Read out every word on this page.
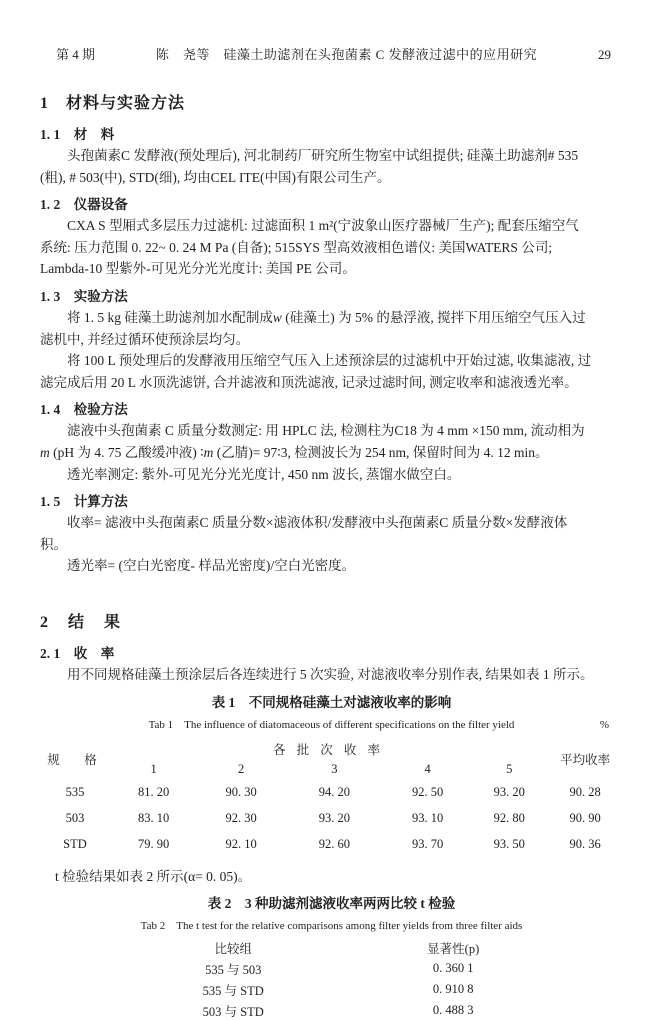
第 4 期	陈　尧等　硅藻土助滤剂在头孢菌素 C 发酵液过滤中的应用研究	29
1　材料与实验方法
1. 1　材　料
头孢菌素C 发酵液(预处理后), 河北制药厂研究所生物室中试组提供; 硅藻土助滤剂# 535
(粗), # 503(中), STD(细), 均由CEL ITE(中国)有限公司生产。
1. 2　仪器设备
CXA S 型厢式多层压力过滤机: 过滤面积 1 m²(宁波象山医疗器械厂生产); 配套压缩空气
系统: 压力范围 0. 22~ 0. 24 M Pa (自备); 515SYS 型高效液相色谱仪: 美国WATERS 公司;
Lambda-10 型紫外-可见光分光光度计: 美国 PE 公司。
1. 3　实验方法
将 1. 5 kg 硅藻土助滤剂加水配制成w (硅藻土) 为 5% 的悬浮液, 搅拌下用压缩空气压入过
滤机中, 并经过循环使预涂层均匀。
将 100 L 预处理后的发酵液用压缩空气压入上述预涂层的过滤机中开始过滤, 收集滤液, 过
滤完成后用 20 L 水顶洗滤饼, 合并滤液和顶洗滤液, 记录过滤时间, 测定收率和滤液透光率。
1. 4　检验方法
滤液中头孢菌素 C 质量分数测定: 用 HPLC 法, 检测柱为C18 为 4 mm ×150 mm, 流动相为
m (pH 为 4. 75 乙酸缓冲液) ∶m (乙腈)= 97∶3, 检测波长为 254 nm, 保留时间为 4. 12 min。
透光率测定: 紫外-可见光分光光度计, 450 nm 波长, 蒸馏水做空白。
1. 5　计算方法
收率= 滤液中头孢菌素C 质量分数×滤液体积/发酵液中头孢菌素C 质量分数×发酵液体
积。
透光率= (空白光密度- 样品光密度)/空白光密度。
2　结　果
2. 1　收　率
用不同规格硅藻土预涂层后各连续进行 5 次实验, 对滤液收率分别作表, 结果如表 1 所示。
表 1　不同规格硅藻土对滤液收率的影响
Tab 1　The influence of diatomaceous of different specifications on the filter yield	%
规　格	各 批 次 收 率					平均收率
	1	2	3	4	5	
535	81. 20	90. 30	94. 20	92. 50	93. 20	90. 28
503	83. 10	92. 30	93. 20	93. 10	92. 80	90. 90
STD	79. 90	92. 10	92. 60	93. 70	93. 50	90. 36
t 检验结果如表 2 所示(α= 0. 05)。
表 2　3 种助滤剂滤液收率两两比较 t 检验
Tab 2　The t test for the relative comparisons among filter yields from three filter aids
比较组	显著性(p)
535 与 503	0. 360 1
535 与 STD	0. 910 8
503 与 STD	0. 488 3
